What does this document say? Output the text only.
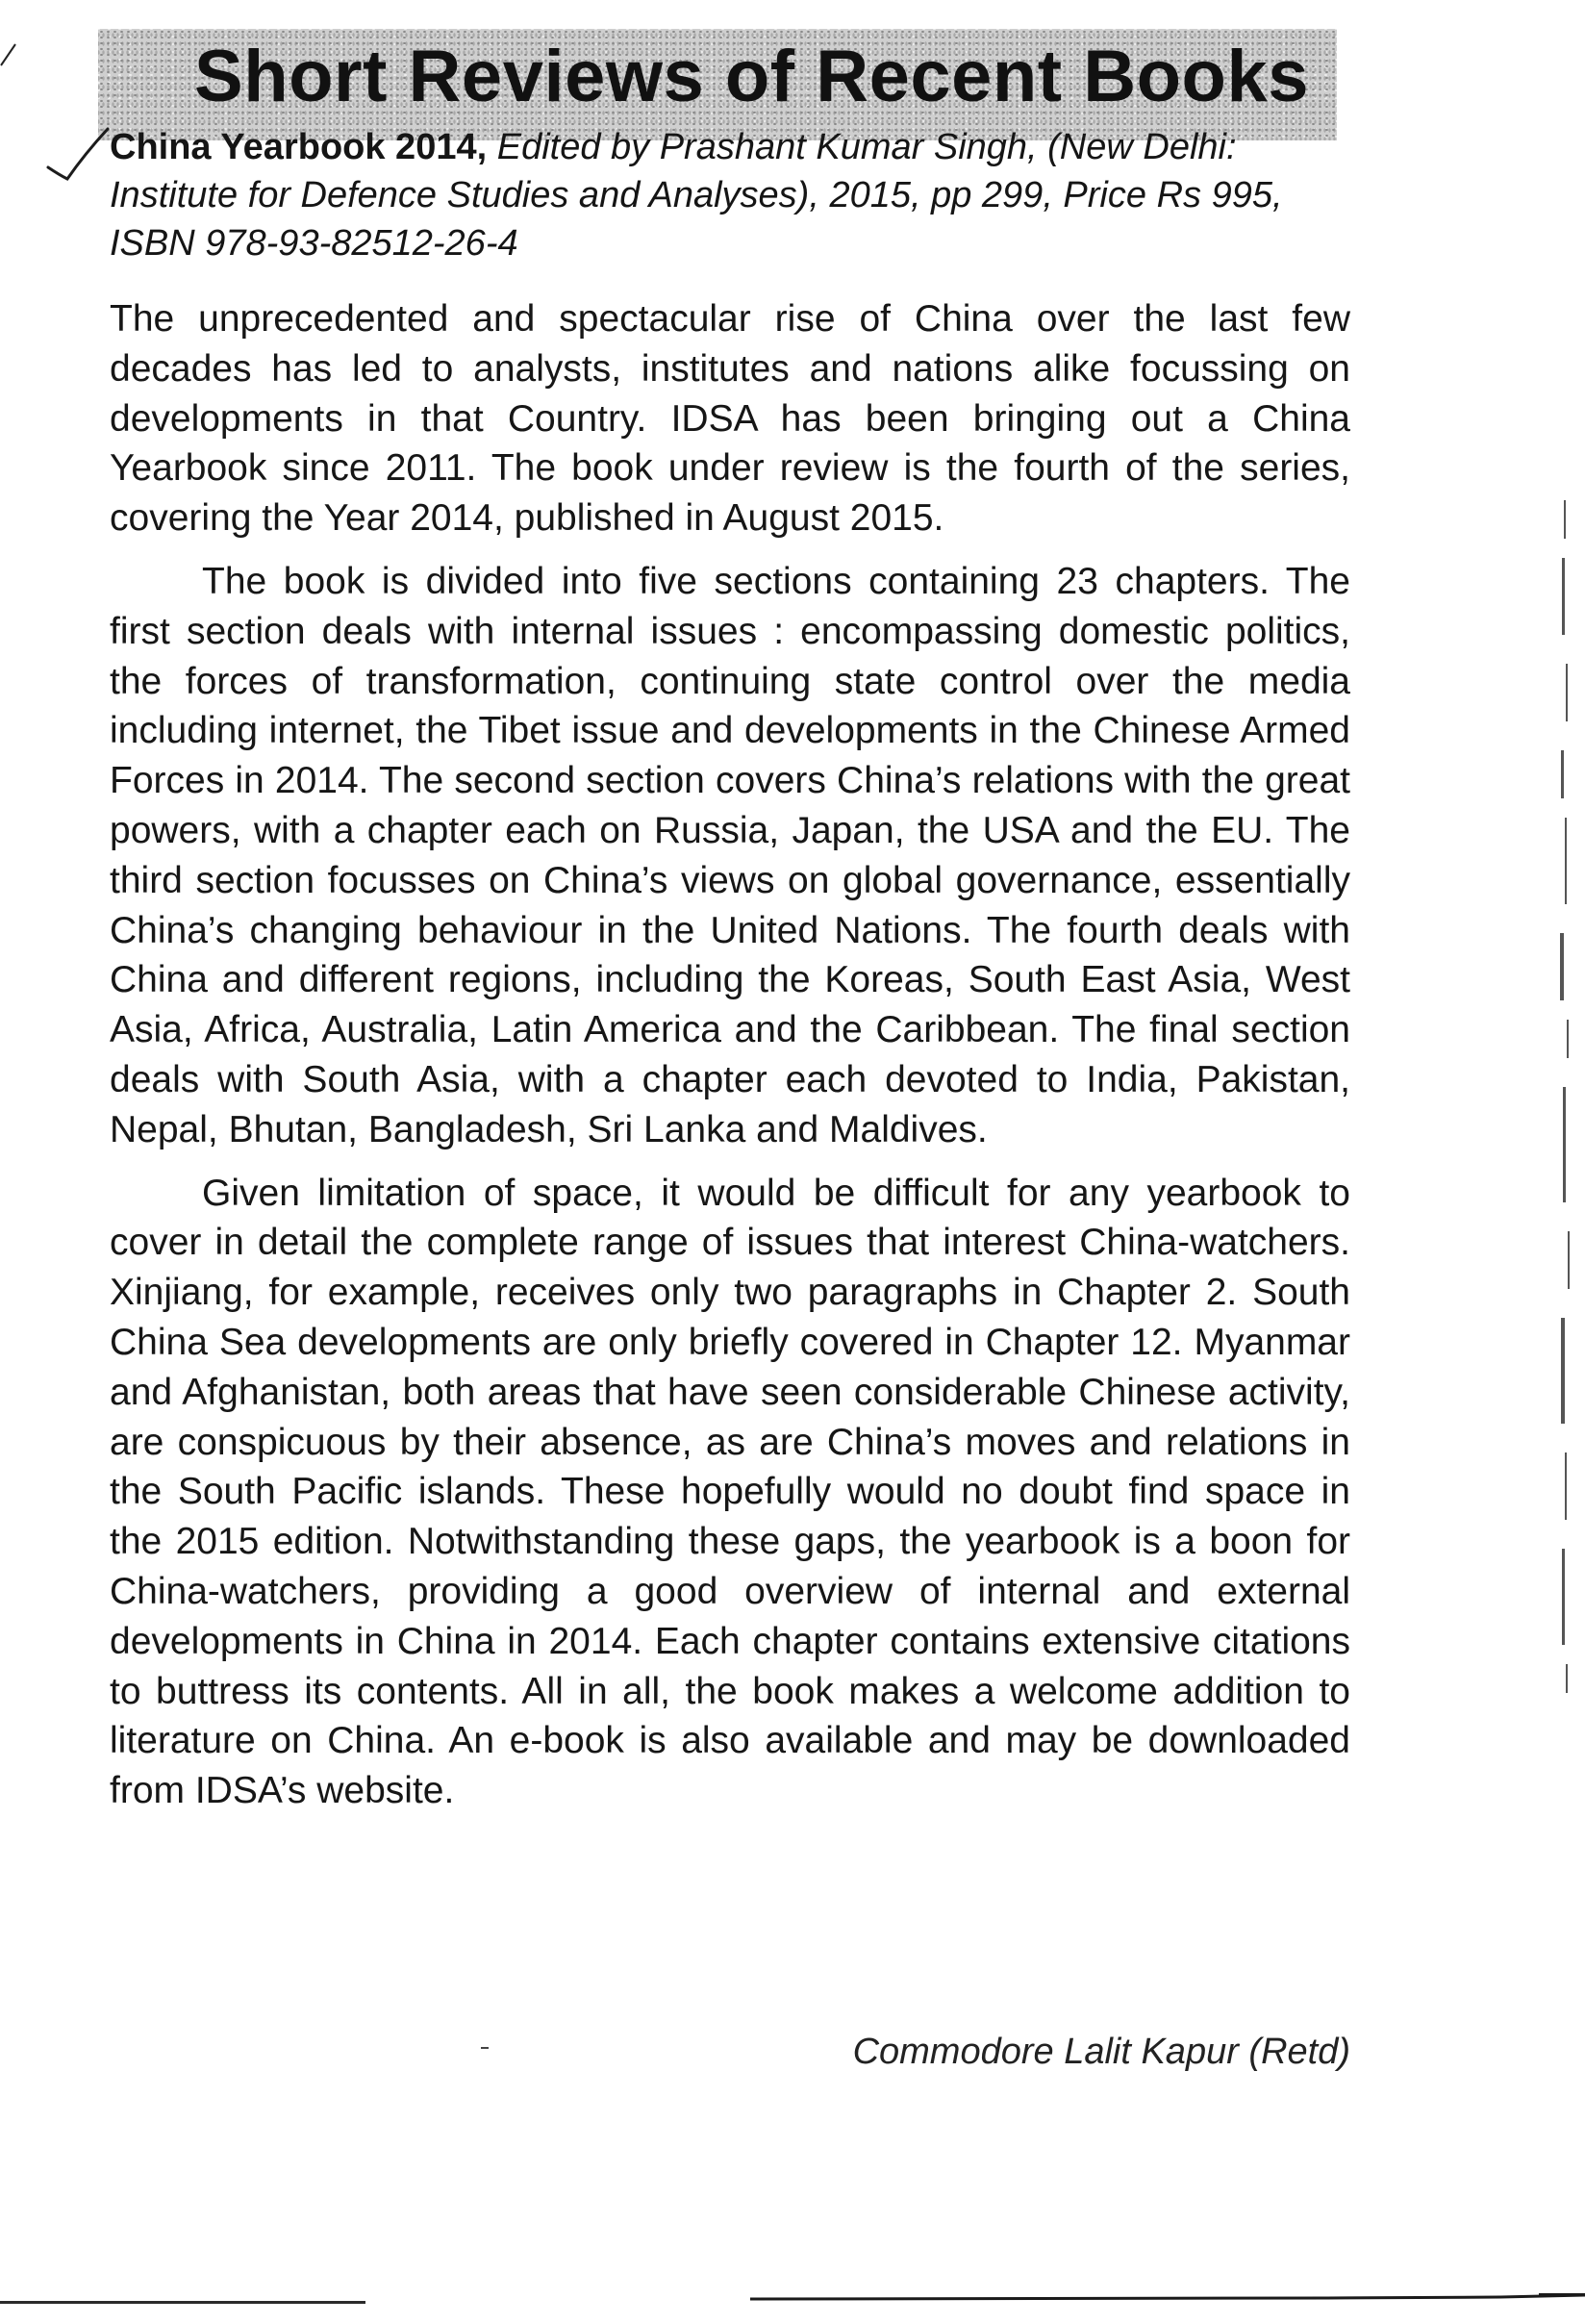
Short Reviews of Recent Books
China Yearbook 2014, Edited by Prashant Kumar Singh, (New Delhi: Institute for Defence Studies and Analyses), 2015, pp 299, Price Rs 995, ISBN 978-93-82512-26-4

The unprecedented and spectacular rise of China over the last few decades has led to analysts, institutes and nations alike focussing on developments in that Country. IDSA has been bringing out a China Yearbook since 2011. The book under review is the fourth of the series, covering the Year 2014, published in August 2015.

The book is divided into five sections containing 23 chapters. The first section deals with internal issues : encompassing domestic politics, the forces of transformation, continuing state control over the media including internet, the Tibet issue and developments in the Chinese Armed Forces in 2014. The second section covers China’s relations with the great powers, with a chapter each on Russia, Japan, the USA and the EU. The third section focusses on China’s views on global governance, essentially China’s changing behaviour in the United Nations. The fourth deals with China and different regions, including the Koreas, South East Asia, West Asia, Africa, Australia, Latin America and the Caribbean. The final section deals with South Asia, with a chapter each devoted to India, Pakistan, Nepal, Bhutan, Bangladesh, Sri Lanka and Maldives.

Given limitation of space, it would be difficult for any yearbook to cover in detail the complete range of issues that interest China-watchers. Xinjiang, for example, receives only two paragraphs in Chapter 2. South China Sea developments are only briefly covered in Chapter 12. Myanmar and Afghanistan, both areas that have seen considerable Chinese activity, are conspicuous by their absence, as are China’s moves and relations in the South Pacific islands. These hopefully would no doubt find space in the 2015 edition. Notwithstanding these gaps, the yearbook is a boon for China-watchers, providing a good overview of internal and external developments in China in 2014. Each chapter contains extensive citations to buttress its contents. All in all, the book makes a welcome addition to literature on China. An e-book is also available and may be downloaded from IDSA’s website.

Commodore Lalit Kapur (Retd)
